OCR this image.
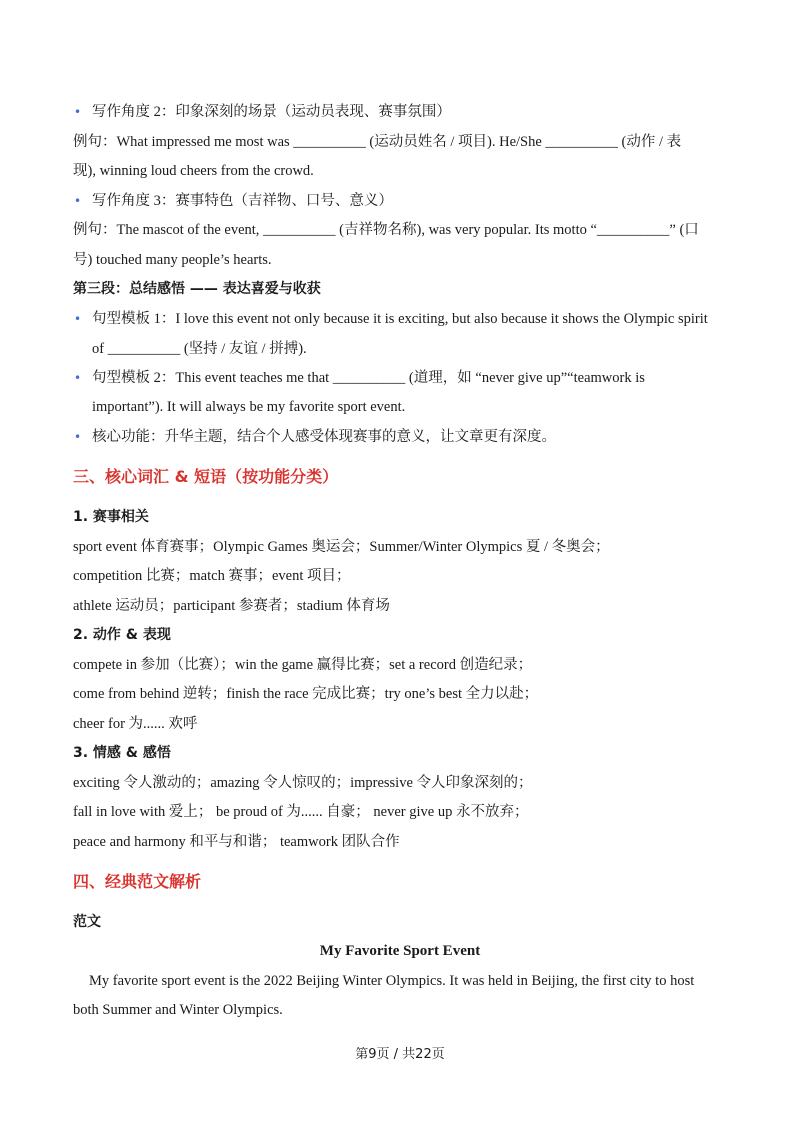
• 写作角度 2：印象深刻的场景（运动员表现、赛事氛围）
例句：What impressed me most was __________ (运动员姓名 / 项目). He/She __________ (动作 / 表
现), winning loud cheers from the crowd.
• 写作角度 3：赛事特色（吉祥物、口号、意义）
例句：The mascot of the event, __________ (吉祥物名称), was very popular. Its motto “__________” (口
号) touched many people’s hearts.
第三段：总结感悟 —— 表达喜爱与收获
• 句型模板 1：I love this event not only because it is exciting, but also because it shows the Olympic spirit
of __________ (坚持 / 友谊 / 拼搏).
• 句型模板 2：This event teaches me that __________ (道理，如 “never give up”“teamwork is
important”). It will always be my favorite sport event.
• 核心功能：升华主题，结合个人感受体现赛事的意义，让文章更有深度。
三、核心词汇 & 短语（按功能分类）
1. 赛事相关
sport event 体育赛事；Olympic Games 奥运会；Summer/Winter Olympics 夏 / 冬奥会；
competition 比赛；match 赛事；event 项目；
athlete 运动员；participant 参赛者；stadium 体育场
2. 动作 & 表现
compete in 参加（比赛）；win the game 赢得比赛；set a record 创造纪录；
come from behind 逆转；finish the race 完成比赛；try one’s best 全力以赴；
cheer for 为...... 欢呼
3. 情感 & 感悟
exciting 令人激动的；amazing 令人惊叹的；impressive 令人印象深刻的；
fall in love with 爱上； be proud of 为...... 自豪； never give up 永不放弃；
peace and harmony 和平与和谐； teamwork 团队合作
四、经典范文解析
范文
My Favorite Sport Event
My favorite sport event is the 2022 Beijing Winter Olympics. It was held in Beijing, the first city to host
both Summer and Winter Olympics.
第9页 / 共22页
